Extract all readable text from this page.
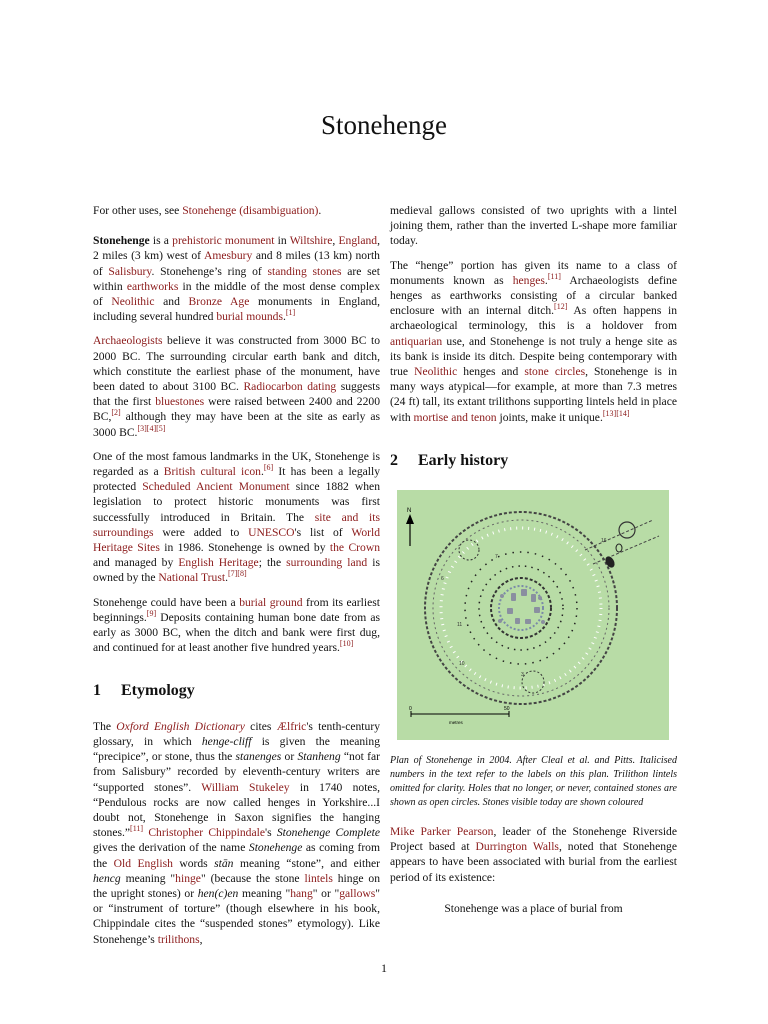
Stonehenge

For other uses, see Stonehenge (disambiguation).

Stonehenge is a prehistoric monument in Wiltshire, England, 2 miles (3 km) west of Amesbury and 8 miles (13 km) north of Salisbury. Stonehenge’s ring of standing stones are set within earthworks in the middle of the most dense complex of Neolithic and Bronze Age monuments in England, including several hundred burial mounds.[1]

Archaeologists believe it was constructed from 3000 BC to 2000 BC. The surrounding circular earth bank and ditch, which constitute the earliest phase of the monument, have been dated to about 3100 BC. Radiocarbon dating suggests that the first bluestones were raised between 2400 and 2200 BC,[2] although they may have been at the site as early as 3000 BC.[3][4][5]

One of the most famous landmarks in the UK, Stonehenge is regarded as a British cultural icon.[6] It has been a legally protected Scheduled Ancient Monument since 1882 when legislation to protect historic monuments was first successfully introduced in Britain. The site and its surroundings were added to UNESCO's list of World Heritage Sites in 1986. Stonehenge is owned by the Crown and managed by English Heritage; the surrounding land is owned by the National Trust.[7][8]

Stonehenge could have been a burial ground from its earliest beginnings.[9] Deposits containing human bone date from as early as 3000 BC, when the ditch and bank were first dug, and continued for at least another five hundred years.[10]

1 Etymology

The Oxford English Dictionary cites Ælfric's tenth-century glossary, in which henge-cliff is given the meaning “precipice”, or stone, thus the stanenges or Stanheng “not far from Salisbury” recorded by eleventh-century writers are “supported stones”. William Stukeley in 1740 notes, “Pendulous rocks are now called henges in Yorkshire...I doubt not, Stonehenge in Saxon signifies the hanging stones.”[11] Christopher Chippindale's Stonehenge Complete gives the derivation of the name Stonehenge as coming from the Old English words stān meaning “stone”, and either hencg meaning "hinge" (because the stone lintels hinge on the upright stones) or hen(c)en meaning "hang" or "gallows" or “instrument of torture” (though elsewhere in his book, Chippindale cites the “suspended stones” etymology). Like Stonehenge’s trilithons,

medieval gallows consisted of two uprights with a lintel joining them, rather than the inverted L-shape more familiar today.

The “henge” portion has given its name to a class of monuments known as henges.[11] Archaeologists define henges as earthworks consisting of a circular banked enclosure with an internal ditch.[12] As often happens in archaeological terminology, this is a holdover from antiquarian use, and Stonehenge is not truly a henge site as its bank is inside its ditch. Despite being contemporary with true Neolithic henges and stone circles, Stonehenge is in many ways atypical—for example, at more than 7.3 metres (24 ft) tall, its extant trilithons supporting lintels held in place with mortise and tenon joints, make it unique.[13][14]

2 Early history
N
6
11
10
3
16
7
0	50
metres

Plan of Stonehenge in 2004. After Cleal et al. and Pitts. Italicised numbers in the text refer to the labels on this plan. Trilithon lintels omitted for clarity. Holes that no longer, or never, contained stones are shown as open circles. Stones visible today are shown coloured

Mike Parker Pearson, leader of the Stonehenge Riverside Project based at Durrington Walls, noted that Stonehenge appears to have been associated with burial from the earliest period of its existence:

Stonehenge was a place of burial from

1
